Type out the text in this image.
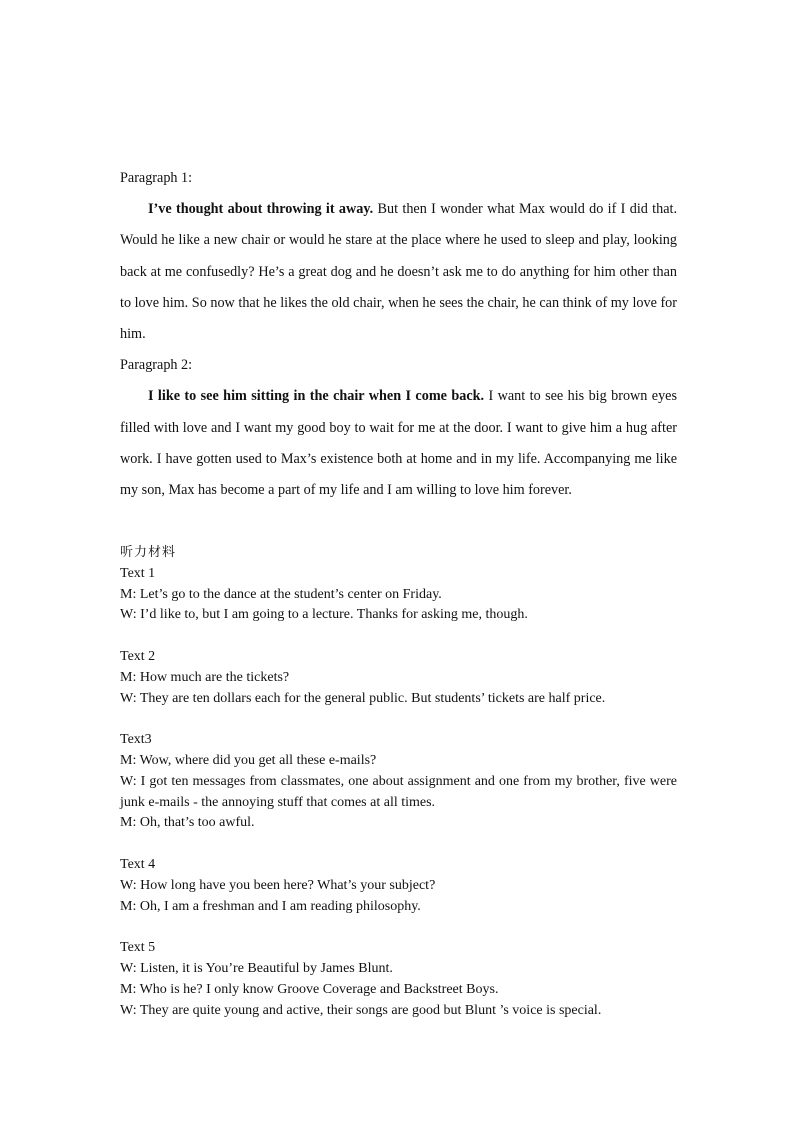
Paragraph 1:

I’ve thought about throwing it away. But then I wonder what Max would do if I did that. Would he like a new chair or would he stare at the place where he used to sleep and play, looking back at me confusedly? He’s a great dog and he doesn’t ask me to do anything for him other than to love him. So now that he likes the old chair, when he sees the chair, he can think of my love for him.

Paragraph 2:

I like to see him sitting in the chair when I come back. I want to see his big brown eyes filled with love and I want my good boy to wait for me at the door. I want to give him a hug after work. I have gotten used to Max’s existence both at home and in my life. Accompanying me like my son, Max has become a part of my life and I am willing to love him forever.

听力材料

Text 1

M: Let’s go to the dance at the student’s center on Friday.

W: I’d like to, but I am going to a lecture. Thanks for asking me, though.

Text 2

M: How much are the tickets?

W: They are ten dollars each for the general public. But students’ tickets are half price.

Text3

M: Wow, where did you get all these e-mails?

W: I got ten messages from classmates, one about assignment and one from my brother, five were junk e-mails - the annoying stuff that comes at all times.

M: Oh, that’s too awful.

Text 4

W: How long have you been here? What’s your subject?

M: Oh, I am a freshman and I am reading philosophy.

Text 5

W: Listen, it is You’re Beautiful by James Blunt.

M: Who is he? I only know Groove Coverage and Backstreet Boys.

W: They are quite young and active, their songs are good but Blunt ’s voice is special.
